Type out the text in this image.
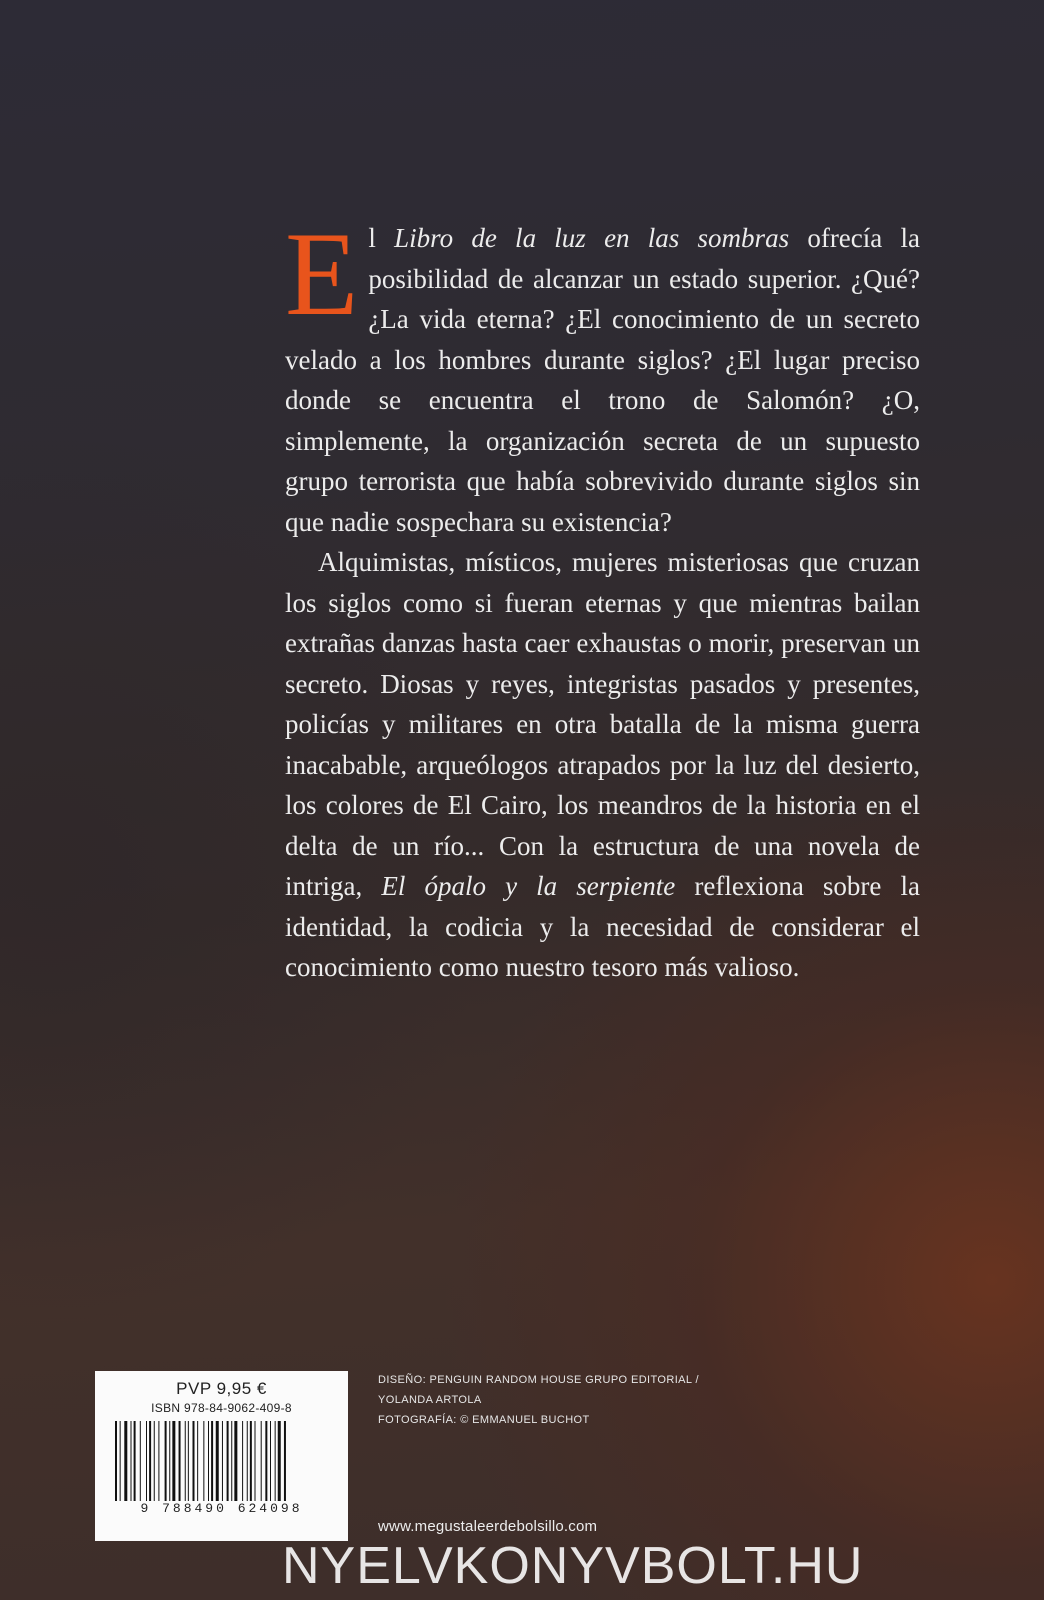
El Libro de la luz en las sombras ofrecía la posibilidad de alcanzar un estado superior. ¿Qué? ¿La vida eterna? ¿El conocimiento de un secreto velado a los hombres durante siglos? ¿El lugar preciso donde se encuentra el trono de Salomón? ¿O, simplemente, la organización secreta de un supuesto grupo terrorista que había sobrevivido durante siglos sin que nadie sospechara su existencia?

Alquimistas, místicos, mujeres misteriosas que cruzan los siglos como si fueran eternas y que mientras bailan extrañas danzas hasta caer exhaustas o morir, preservan un secreto. Diosas y reyes, integristas pasados y presentes, policías y militares en otra batalla de la misma guerra inacabable, arqueólogos atrapados por la luz del desierto, los colores de El Cairo, los meandros de la historia en el delta de un río... Con la estructura de una novela de intriga, El ópalo y la serpiente reflexiona sobre la identidad, la codicia y la necesidad de considerar el conocimiento como nuestro tesoro más valioso.

PVP 9,95 €
ISBN 978-84-9062-409-8
9 788490 624098
DISEÑO: PENGUIN RANDOM HOUSE GRUPO EDITORIAL /
YOLANDA ARTOLA
FOTOGRAFÍA: © EMMANUEL BUCHOT
www.megustaleerdebolsillo.com
NYELVKONYVBOLT.HU
